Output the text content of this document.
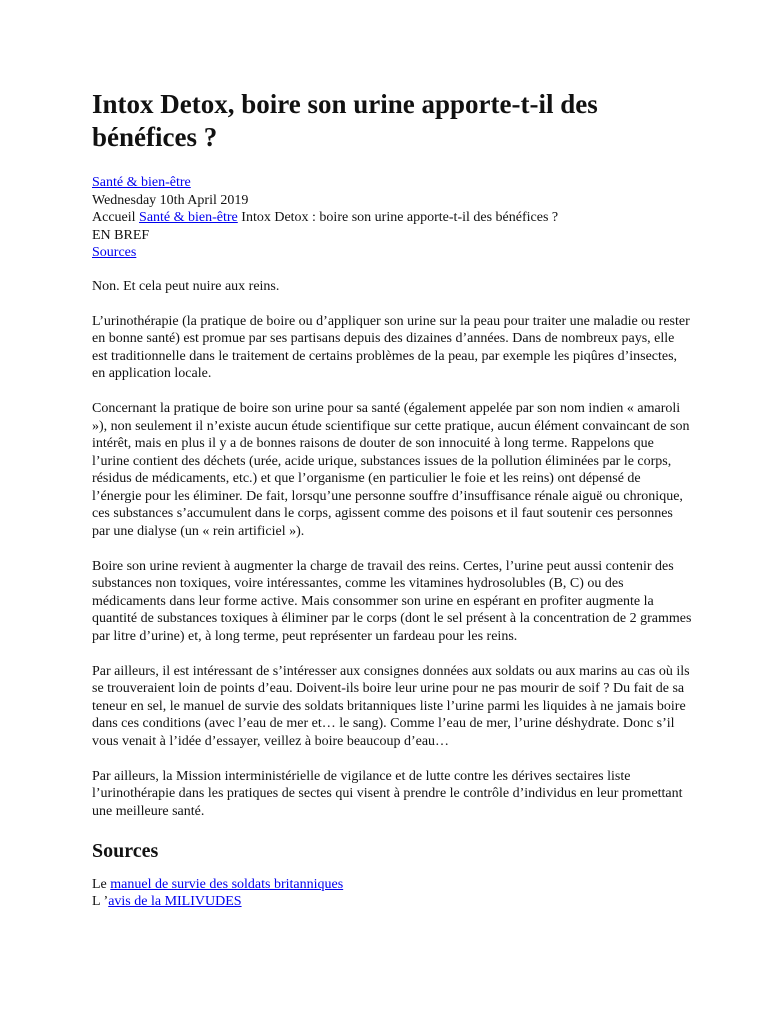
Intox Detox, boire son urine apporte-t-il des bénéfices ?
Santé & bien-être
Wednesday 10th April 2019
Accueil Santé & bien-être Intox Detox : boire son urine apporte-t-il des bénéfices ?
EN BREF
Sources

Non. Et cela peut nuire aux reins.

L’urinothérapie (la pratique de boire ou d’appliquer son urine sur la peau pour traiter une maladie ou rester en bonne santé) est promue par ses partisans depuis des dizaines d’années. Dans de nombreux pays, elle est traditionnelle dans le traitement de certains problèmes de la peau, par exemple les piqûres d’insectes, en application locale.

Concernant la pratique de boire son urine pour sa santé (également appelée par son nom indien « amaroli »), non seulement il n’existe aucun étude scientifique sur cette pratique, aucun élément convaincant de son intérêt, mais en plus il y a de bonnes raisons de douter de son innocuité à long terme. Rappelons que l’urine contient des déchets (urée, acide urique, substances issues de la pollution éliminées par le corps, résidus de médicaments, etc.) et que l’organisme (en particulier le foie et les reins) ont dépensé de l’énergie pour les éliminer. De fait, lorsqu’une personne souffre d’insuffisance rénale aiguë ou chronique, ces substances s’accumulent dans le corps, agissent comme des poisons et il faut soutenir ces personnes par une dialyse (un « rein artificiel »).

Boire son urine revient à augmenter la charge de travail des reins. Certes, l’urine peut aussi contenir des substances non toxiques, voire intéressantes, comme les vitamines hydrosolubles (B, C) ou des médicaments dans leur forme active. Mais consommer son urine en espérant en profiter augmente la quantité de substances toxiques à éliminer par le corps (dont le sel présent à la concentration de 2 grammes par litre d’urine) et, à long terme, peut représenter un fardeau pour les reins.

Par ailleurs, il est intéressant de s’intéresser aux consignes données aux soldats ou aux marins au cas où ils se trouveraient loin de points d’eau. Doivent-ils boire leur urine pour ne pas mourir de soif ? Du fait de sa teneur en sel, le manuel de survie des soldats britanniques liste l’urine parmi les liquides à ne jamais boire dans ces conditions (avec l’eau de mer et… le sang). Comme l’eau de mer, l’urine déshydrate. Donc s’il vous venait à l’idée d’essayer, veillez à boire beaucoup d’eau…

Par ailleurs, la Mission interministérielle de vigilance et de lutte contre les dérives sectaires liste l’urinothérapie dans les pratiques de sectes qui visent à prendre le contrôle d’individus en leur promettant une meilleure santé.

Sources
Le manuel de survie des soldats britanniques
L ’avis de la MILIVUDES
